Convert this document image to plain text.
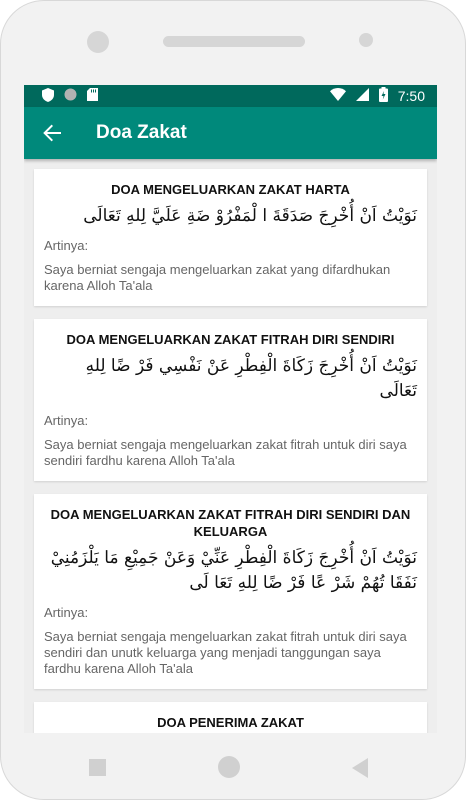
7:50
Doa Zakat
DOA MENGELUARKAN ZAKAT HARTA
نَوَيْتُ اَنْ أُخْرِجَ صَدَقَةَ ا لْمَفْرُوْ ضَةِ عَلَيَّ لِلهِ تَعَالَى
Artinya:
Saya berniat sengaja mengeluarkan zakat yang difardhukan karena Alloh Ta'ala
DOA MENGELUARKAN ZAKAT FITRAH DIRI SENDIRI
نَوَيْتُ اَنْ أُخْرِجَ زَكَاةَ الْفِطْرِ عَنْ نَفْسِي فَرْ ضًا لِلهِ تَعَالَى
Artinya:
Saya berniat sengaja mengeluarkan zakat fitrah untuk diri saya sendiri fardhu karena Alloh Ta'ala
DOA MENGELUARKAN ZAKAT FITRAH DIRI SENDIRI DAN KELUARGA
نَوَيْتُ اَنْ أُخْرِجَ زَكَاةَ الْفِطْرِ عَنِّيْ وَعَنْ جَمِيْعِ مَا يَلْزَمُنِيْ نَفَقَا تُهُمْ شَرْ عًا فَرْ ضًا لِلهِ تَعَا لَى
Artinya:
Saya berniat sengaja mengeluarkan zakat fitrah untuk diri saya sendiri dan unutk keluarga yang menjadi tanggungan saya fardhu karena Alloh Ta'ala
DOA PENERIMA ZAKAT
